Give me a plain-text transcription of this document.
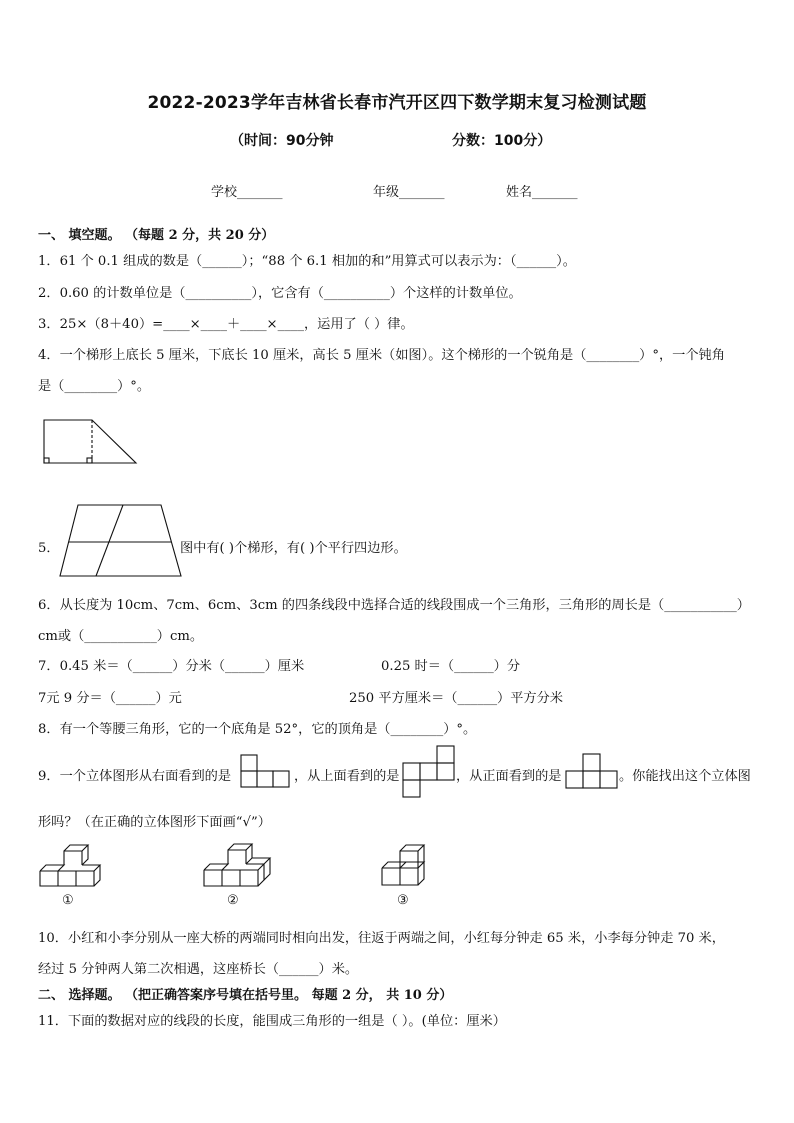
2022-2023学年吉林省长春市汽开区四下数学期末复习检测试题
（时间：90分钟	分数：100分）
学校_______	年级_______	姓名_______
一、 填空题。 （每题 2 分，共 20 分）
1．61 个 0.1 组成的数是（______）；“88 个 6.1 相加的和”用算式可以表示为：（______）。
2．0.60 的计数单位是（__________），它含有（__________）个这样的计数单位。
3．25×（8＋40）=____×____＋____×____，运用了（ ）律。
4．一个梯形上底长 5 厘米，下底长 10 厘米，高长 5 厘米（如图）。这个梯形的一个锐角是（________）°，一个钝角
是（________）°。
5．	图中有( )个梯形，有( )个平行四边形。
6．从长度为 10cm、7cm、6cm、3cm 的四条线段中选择合适的线段围成一个三角形，三角形的周长是（___________）
cm或（___________）cm。
7．0.45 米＝（______）分米（______）厘米	0.25 时＝（______）分
7元 9 分＝（______）元	250 平方厘米＝（______）平方分米
8．有一个等腰三角形，它的一个底角是 52°，它的顶角是（________）°。
9．一个立体图形从右面看到的是	，从上面看到的是	，从正面看到的是	。你能找出这个立体图
形吗？（在正确的立体图形下面画“√”）
①	②	③
10．小红和小李分别从一座大桥的两端同时相向出发，往返于两端之间，小红每分钟走 65 米，小李每分钟走 70 米，
经过 5 分钟两人第二次相遇，这座桥长（______）米。
二、 选择题。 （把正确答案序号填在括号里。 每题 2 分， 共 10 分）
11．下面的数据对应的线段的长度，能围成三角形的一组是（ ）。(单位：厘米）
